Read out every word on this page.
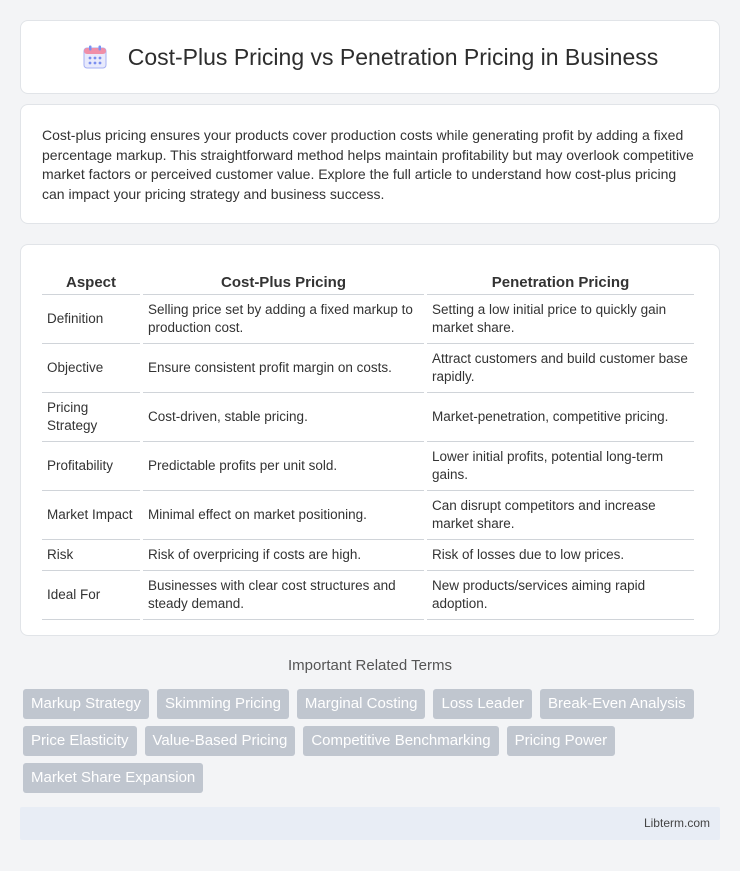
Cost-Plus Pricing vs Penetration Pricing in Business

Cost-plus pricing ensures your products cover production costs while generating profit by adding a fixed percentage markup. This straightforward method helps maintain profitability but may overlook competitive market factors or perceived customer value. Explore the full article to understand how cost-plus pricing can impact your pricing strategy and business success.

Aspect	Cost-Plus Pricing	Penetration Pricing
Definition	Selling price set by adding a fixed markup to production cost.	Setting a low initial price to quickly gain market share.
Objective	Ensure consistent profit margin on costs.	Attract customers and build customer base rapidly.
Pricing Strategy	Cost-driven, stable pricing.	Market-penetration, competitive pricing.
Profitability	Predictable profits per unit sold.	Lower initial profits, potential long-term gains.
Market Impact	Minimal effect on market positioning.	Can disrupt competitors and increase market share.
Risk	Risk of overpricing if costs are high.	Risk of losses due to low prices.
Ideal For	Businesses with clear cost structures and steady demand.	New products/services aiming rapid adoption.
Important Related Terms
Markup Strategy	Skimming Pricing	Marginal Costing	Loss Leader	Break-Even Analysis
Price Elasticity	Value-Based Pricing	Competitive Benchmarking	Pricing Power
Market Share Expansion
Libterm.com
